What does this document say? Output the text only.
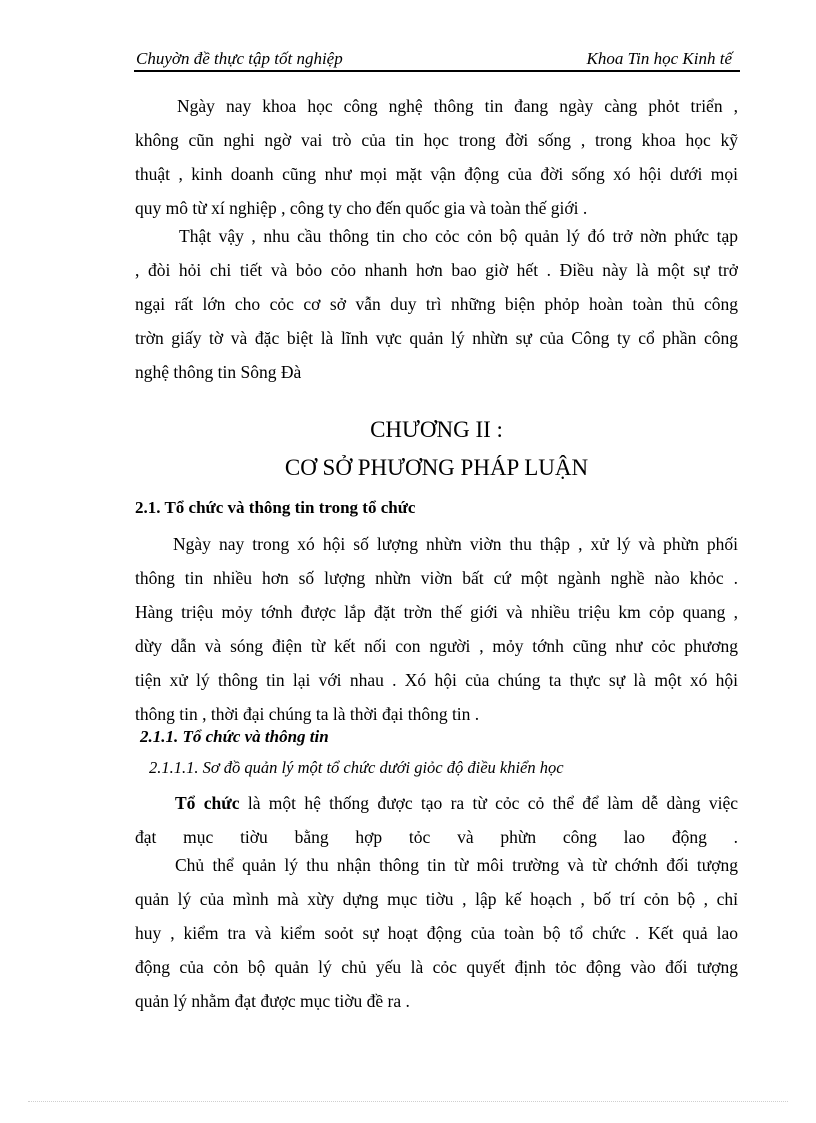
Chuyờn đề thực tập tốt nghiệp	Khoa Tin học Kinh tế
Ngày nay khoa học công nghệ thông tin đang ngày càng phỏt triển ,
không cũn nghi ngờ vai trò của tin học trong đời sống , trong khoa học kỹ
thuật , kinh doanh cũng như mọi mặt vận động của đời sống xó hội dưới mọi
quy mô từ xí nghiệp , công ty cho đến quốc gia và toàn thế giới .
Thật vậy , nhu cầu thông tin cho cỏc cỏn bộ quản lý đó trở nờn phức tạp
, đòi hỏi chi tiết và bỏo cỏo nhanh hơn bao giờ hết . Điều này là một sự trở
ngại rất lớn cho cỏc cơ sở vẫn duy trì những biện phỏp hoàn toàn thủ công
trờn giấy tờ và đặc biệt là lĩnh vực quản lý nhừn sự của Công ty cổ phần công
nghệ thông tin Sông Đà
CHƯƠNG II :
CƠ SỞ PHƯƠNG PHÁP LUẬN
2.1. Tổ chức và thông tin trong tổ chức
Ngày nay trong xó hội số lượng nhừn viờn thu thập , xử lý và phừn phối
thông tin nhiều hơn số lượng nhừn viờn bất cứ một ngành nghề nào khỏc .
Hàng triệu mỏy tớnh được lắp đặt trờn thế giới và nhiều triệu km cỏp quang ,
dừy dẫn và sóng điện từ kết nối con người , mỏy tớnh cũng như cỏc phương
tiện xử lý thông tin lại với nhau . Xó hội của chúng ta thực sự là một xó hội
thông tin , thời đại chúng ta là thời đại thông tin .
2.1.1. Tổ chức và thông tin
2.1.1.1. Sơ đồ quản lý một tổ chức dưới giỏc độ điều khiển học
Tổ chức là một hệ thống được tạo ra từ cỏc cỏ thể để làm dễ dàng việc
đạt mục tiờu bằng hợp tỏc và phừn công lao động .
Chủ thể quản lý thu nhận thông tin từ môi trường và từ chớnh đối tượng
quản lý của mình mà xừy dựng mục tiờu , lập kế hoạch , bố trí cỏn bộ , chỉ
huy , kiểm tra và kiểm soỏt sự hoạt động của toàn bộ tổ chức . Kết quả lao
động của cỏn bộ quản lý chủ yếu là cỏc quyết định tỏc động vào đối tượng
quản lý nhằm đạt được mục tiờu đề ra .
